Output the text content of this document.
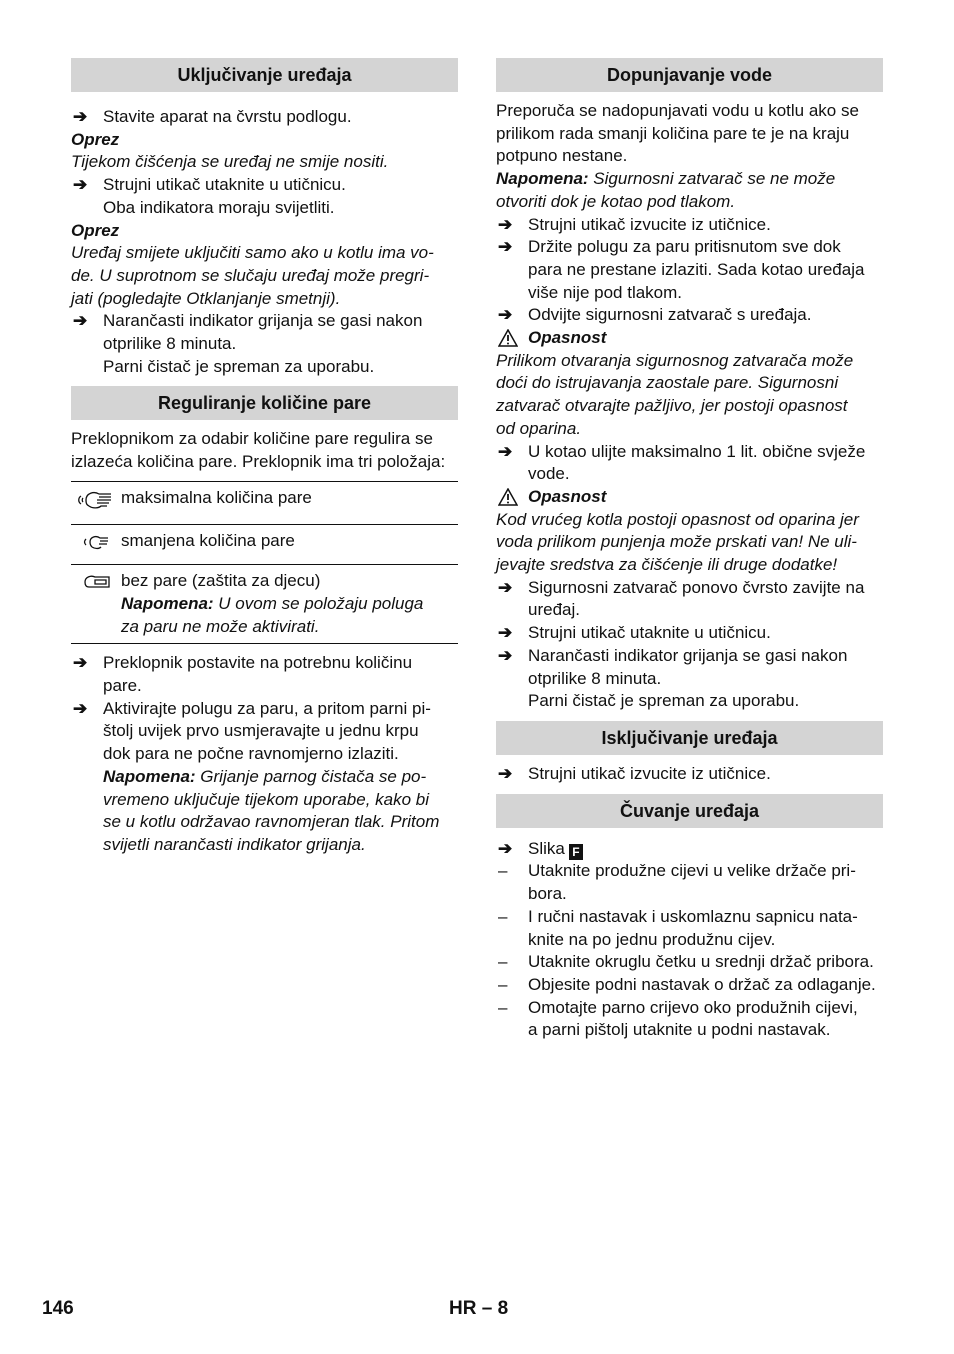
Uključivanje uređaja
➔ Stavite aparat na čvrstu podlogu.
Oprez
Tijekom čišćenja se uređaj ne smije nositi.
➔ Strujni utikač utaknite u utičnicu.
Oba indikatora moraju svijetliti.
Oprez
Uređaj smijete uključiti samo ako u kotlu ima vo-
de. U suprotnom se slučaju uređaj može pregri-
jati (pogledajte Otklanjanje smetnji).
➔ Narančasti indikator grijanja se gasi nakon
otprilike 8 minuta.
Parni čistač je spreman za uporabu.
Reguliranje količine pare
Preklopnikom za odabir količine pare regulira se
izlazeća količina pare. Preklopnik ima tri položaja:
	maksimalna količina pare
	smanjena količina pare

bez pare (zaštita za djecu)
Napomena: U ovom se položaju poluga
za paru ne može aktivirati.
➔ Preklopnik postavite na potrebnu količinu
pare.
➔ Aktivirajte polugu za paru, a pritom parni pi-
štolj uvijek prvo usmjeravajte u jednu krpu
dok para ne počne ravnomjerno izlaziti.
Napomena: Grijanje parnog čistača se po-
vremeno uključuje tijekom uporabe, kako bi
se u kotlu održavao ravnomjeran tlak. Pritom
svijetli narančasti indikator grijanja.
Dopunjavanje vode
Preporuča se nadopunjavati vodu u kotlu ako se
prilikom rada smanji količina pare te je na kraju
potpuno nestane.
Napomena: Sigurnosni zatvarač se ne može
otvoriti dok je kotao pod tlakom.
➔ Strujni utikač izvucite iz utičnice.
➔ Držite polugu za paru pritisnutom sve dok
para ne prestane izlaziti. Sada kotao uređaja
više nije pod tlakom.
➔ Odvijte sigurnosni zatvarač s uređaja.
Opasnost
Prilikom otvaranja sigurnosnog zatvarača može
doći do istrujavanja zaostale pare. Sigurnosni
zatvarač otvarajte pažljivo, jer postoji opasnost
od oparina.
➔ U kotao ulijte maksimalno 1 lit. obične svježe
vode.
Opasnost
Kod vrućeg kotla postoji opasnost od oparina jer
voda prilikom punjenja može prskati van! Ne uli-
jevajte sredstva za čišćenje ili druge dodatke!
➔ Sigurnosni zatvarač ponovo čvrsto zavijte na
uređaj.
➔ Strujni utikač utaknite u utičnicu.
➔ Narančasti indikator grijanja se gasi nakon
otprilike 8 minuta.
Parni čistač je spreman za uporabu.
Isključivanje uređaja
➔ Strujni utikač izvucite iz utičnice.
Čuvanje uređaja
➔ Slika F
– Utaknite produžne cijevi u velike držače pri-
bora.
– I ručni nastavak i uskomlaznu sapnicu nata-
knite na po jednu produžnu cijev.
– Utaknite okruglu četku u srednji držač pribora.
– Objesite podni nastavak o držač za odlaganje.
– Omotajte parno crijevo oko produžnih cijevi,
a parni pištolj utaknite u podni nastavak.
146	HR – 8
